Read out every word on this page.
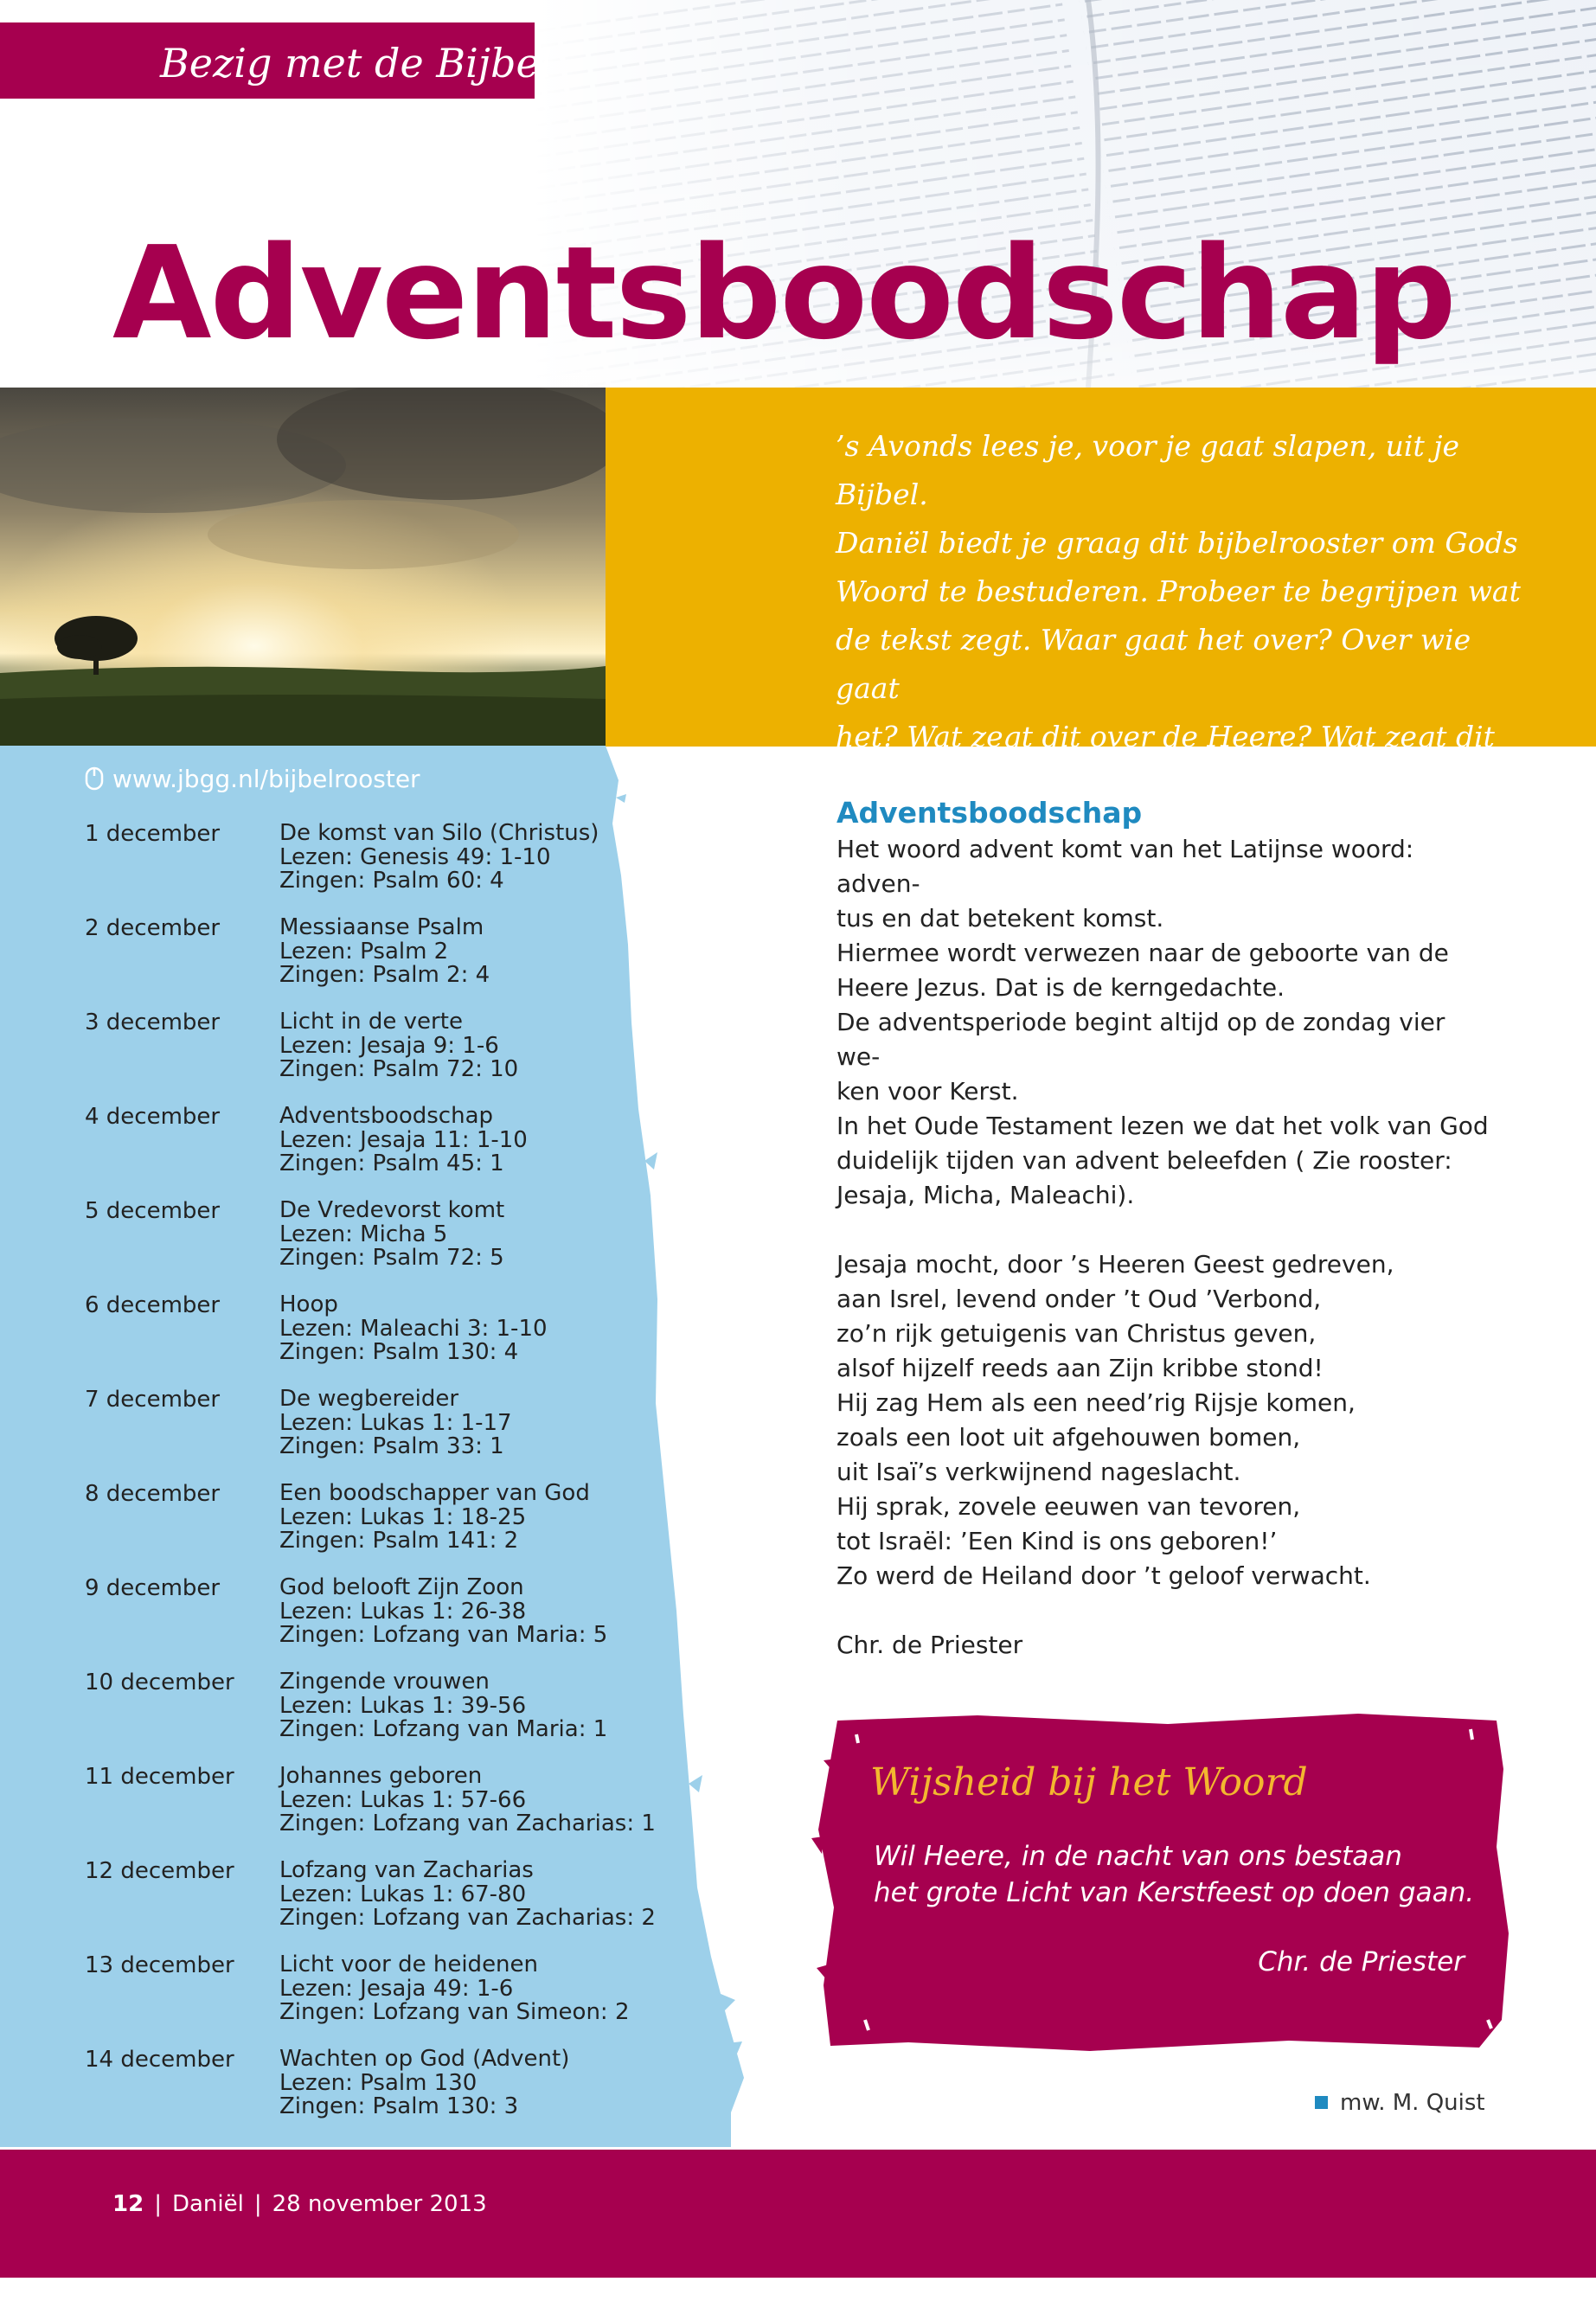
Bezig met de Bijbel
Adventsboodschap
’s Avonds lees je, voor je gaat slapen, uit je Bijbel.
Daniël biedt je graag dit bijbelrooster om Gods
Woord te bestuderen. Probeer te begrijpen wat
de tekst zegt. Waar gaat het over? Over wie gaat
het? Wat zegt dit over de Heere? Wat zegt dit
over jou? Wat zegt de Heere tot jou?
www.jbgg.nl/bijbelrooster
1 december	De komst van Silo (Christus)
Lezen: Genesis 49: 1-10
Zingen: Psalm 60: 4
2 december	Messiaanse Psalm
Lezen: Psalm 2
Zingen: Psalm 2: 4
3 december	Licht in de verte
Lezen: Jesaja 9: 1-6
Zingen: Psalm 72: 10
4 december	Adventsboodschap
Lezen: Jesaja 11: 1-10
Zingen: Psalm 45: 1
5 december	De Vredevorst komt
Lezen: Micha 5
Zingen: Psalm 72: 5
6 december	Hoop
Lezen: Maleachi 3: 1-10
Zingen: Psalm 130: 4
7 december	De wegbereider
Lezen: Lukas 1: 1-17
Zingen: Psalm 33: 1
8 december	Een boodschapper van God
Lezen: Lukas 1: 18-25
Zingen: Psalm 141: 2
9 december	God belooft Zijn Zoon
Lezen: Lukas 1: 26-38
Zingen: Lofzang van Maria: 5
10 december Zingende vrouwen
Lezen: Lukas 1: 39-56
Zingen: Lofzang van Maria: 1
11 december Johannes geboren
Lezen: Lukas 1: 57-66
Zingen: Lofzang van Zacharias: 1
12 december Lofzang van Zacharias
Lezen: Lukas 1: 67-80
Zingen: Lofzang van Zacharias: 2
13 december Licht voor de heidenen
Lezen: Jesaja 49: 1-6
Zingen: Lofzang van Simeon: 2
14 december Wachten op God (Advent)
Lezen: Psalm 130
Zingen: Psalm 130: 3
Adventsboodschap
Het woord advent komt van het Latijnse woord: adven-
tus en dat betekent komst.
Hiermee wordt verwezen naar de geboorte van de
Heere Jezus. Dat is de kerngedachte.
De adventsperiode begint altijd op de zondag vier we-
ken voor Kerst.
In het Oude Testament lezen we dat het volk van God
duidelijk tijden van advent beleefden ( Zie rooster:
Jesaja, Micha, Maleachi).
Jesaja mocht, door ’s Heeren Geest gedreven,
aan Isrel, levend onder ’t Oud ’Verbond,
zo’n rijk getuigenis van Christus geven,
alsof hijzelf reeds aan Zijn kribbe stond!
Hij zag Hem als een need’rig Rijsje komen,
zoals een loot uit afgehouwen bomen,
uit Isaï’s verkwijnend nageslacht.
Hij sprak, zovele eeuwen van tevoren,
tot Israël: ’Een Kind is ons geboren!’
Zo werd de Heiland door ’t geloof verwacht.
Chr. de Priester
Wijsheid bij het Woord
Wil Heere, in de nacht van ons bestaan
het grote Licht van Kerstfeest op doen gaan.
Chr. de Priester
mw. M. Quist
12 | Daniël | 28 november 2013
